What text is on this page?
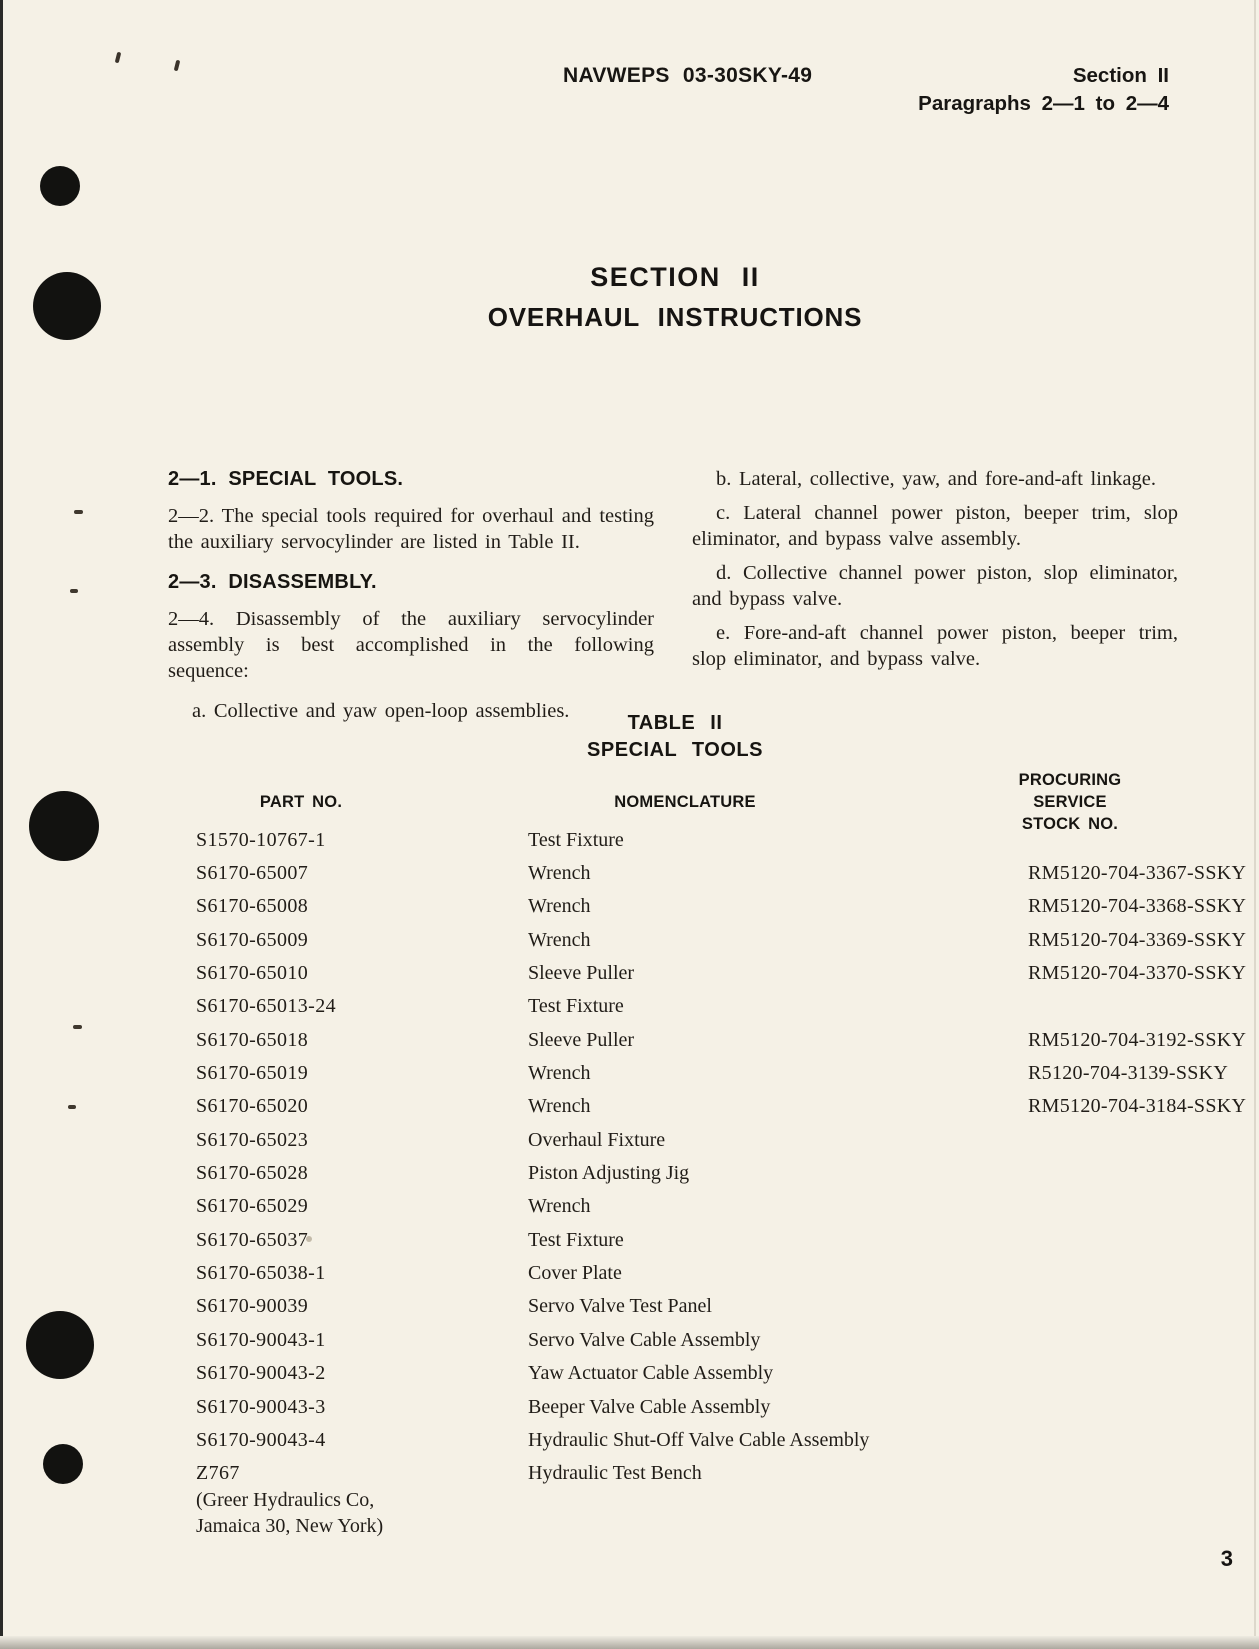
NAVWEPS 03-30SKY-49	Section II
Paragraphs 2—1 to 2—4
SECTION II
OVERHAUL INSTRUCTIONS
2—1. SPECIAL TOOLS.
2—2. The special tools required for overhaul and testing the auxiliary servocylinder are listed in Table II.
2—3. DISASSEMBLY.
2—4. Disassembly of the auxiliary servocylinder assembly is best accomplished in the following sequence:
a. Collective and yaw open-loop assemblies.
b. Lateral, collective, yaw, and fore-and-aft linkage.
c. Lateral channel power piston, beeper trim, slop eliminator, and bypass valve assembly.
d. Collective channel power piston, slop eliminator, and bypass valve.
e. Fore-and-aft channel power piston, beeper trim, slop eliminator, and bypass valve.
TABLE II
SPECIAL TOOLS
PART NO.	NOMENCLATURE
PROCURING SERVICE
STOCK NO.
S1570-10767-1	Test Fixture
S6170-65007	Wrench	RM5120-704-3367-SSKY
S6170-65008	Wrench	RM5120-704-3368-SSKY
S6170-65009	Wrench	RM5120-704-3369-SSKY
S6170-65010	Sleeve Puller	RM5120-704-3370-SSKY
S6170-65013-24	Test Fixture
S6170-65018	Sleeve Puller	RM5120-704-3192-SSKY
S6170-65019	Wrench	R5120-704-3139-SSKY
S6170-65020	Wrench	RM5120-704-3184-SSKY
S6170-65023	Overhaul Fixture
S6170-65028	Piston Adjusting Jig
S6170-65029	Wrench
S6170-65037	Test Fixture
S6170-65038-1	Cover Plate
S6170-90039	Servo Valve Test Panel
S6170-90043-1	Servo Valve Cable Assembly
S6170-90043-2	Yaw Actuator Cable Assembly
S6170-90043-3	Beeper Valve Cable Assembly
S6170-90043-4	Hydraulic Shut-Off Valve Cable Assembly
Z767	Hydraulic Test Bench
(Greer Hydraulics Co,
Jamaica 30, New York)
3
